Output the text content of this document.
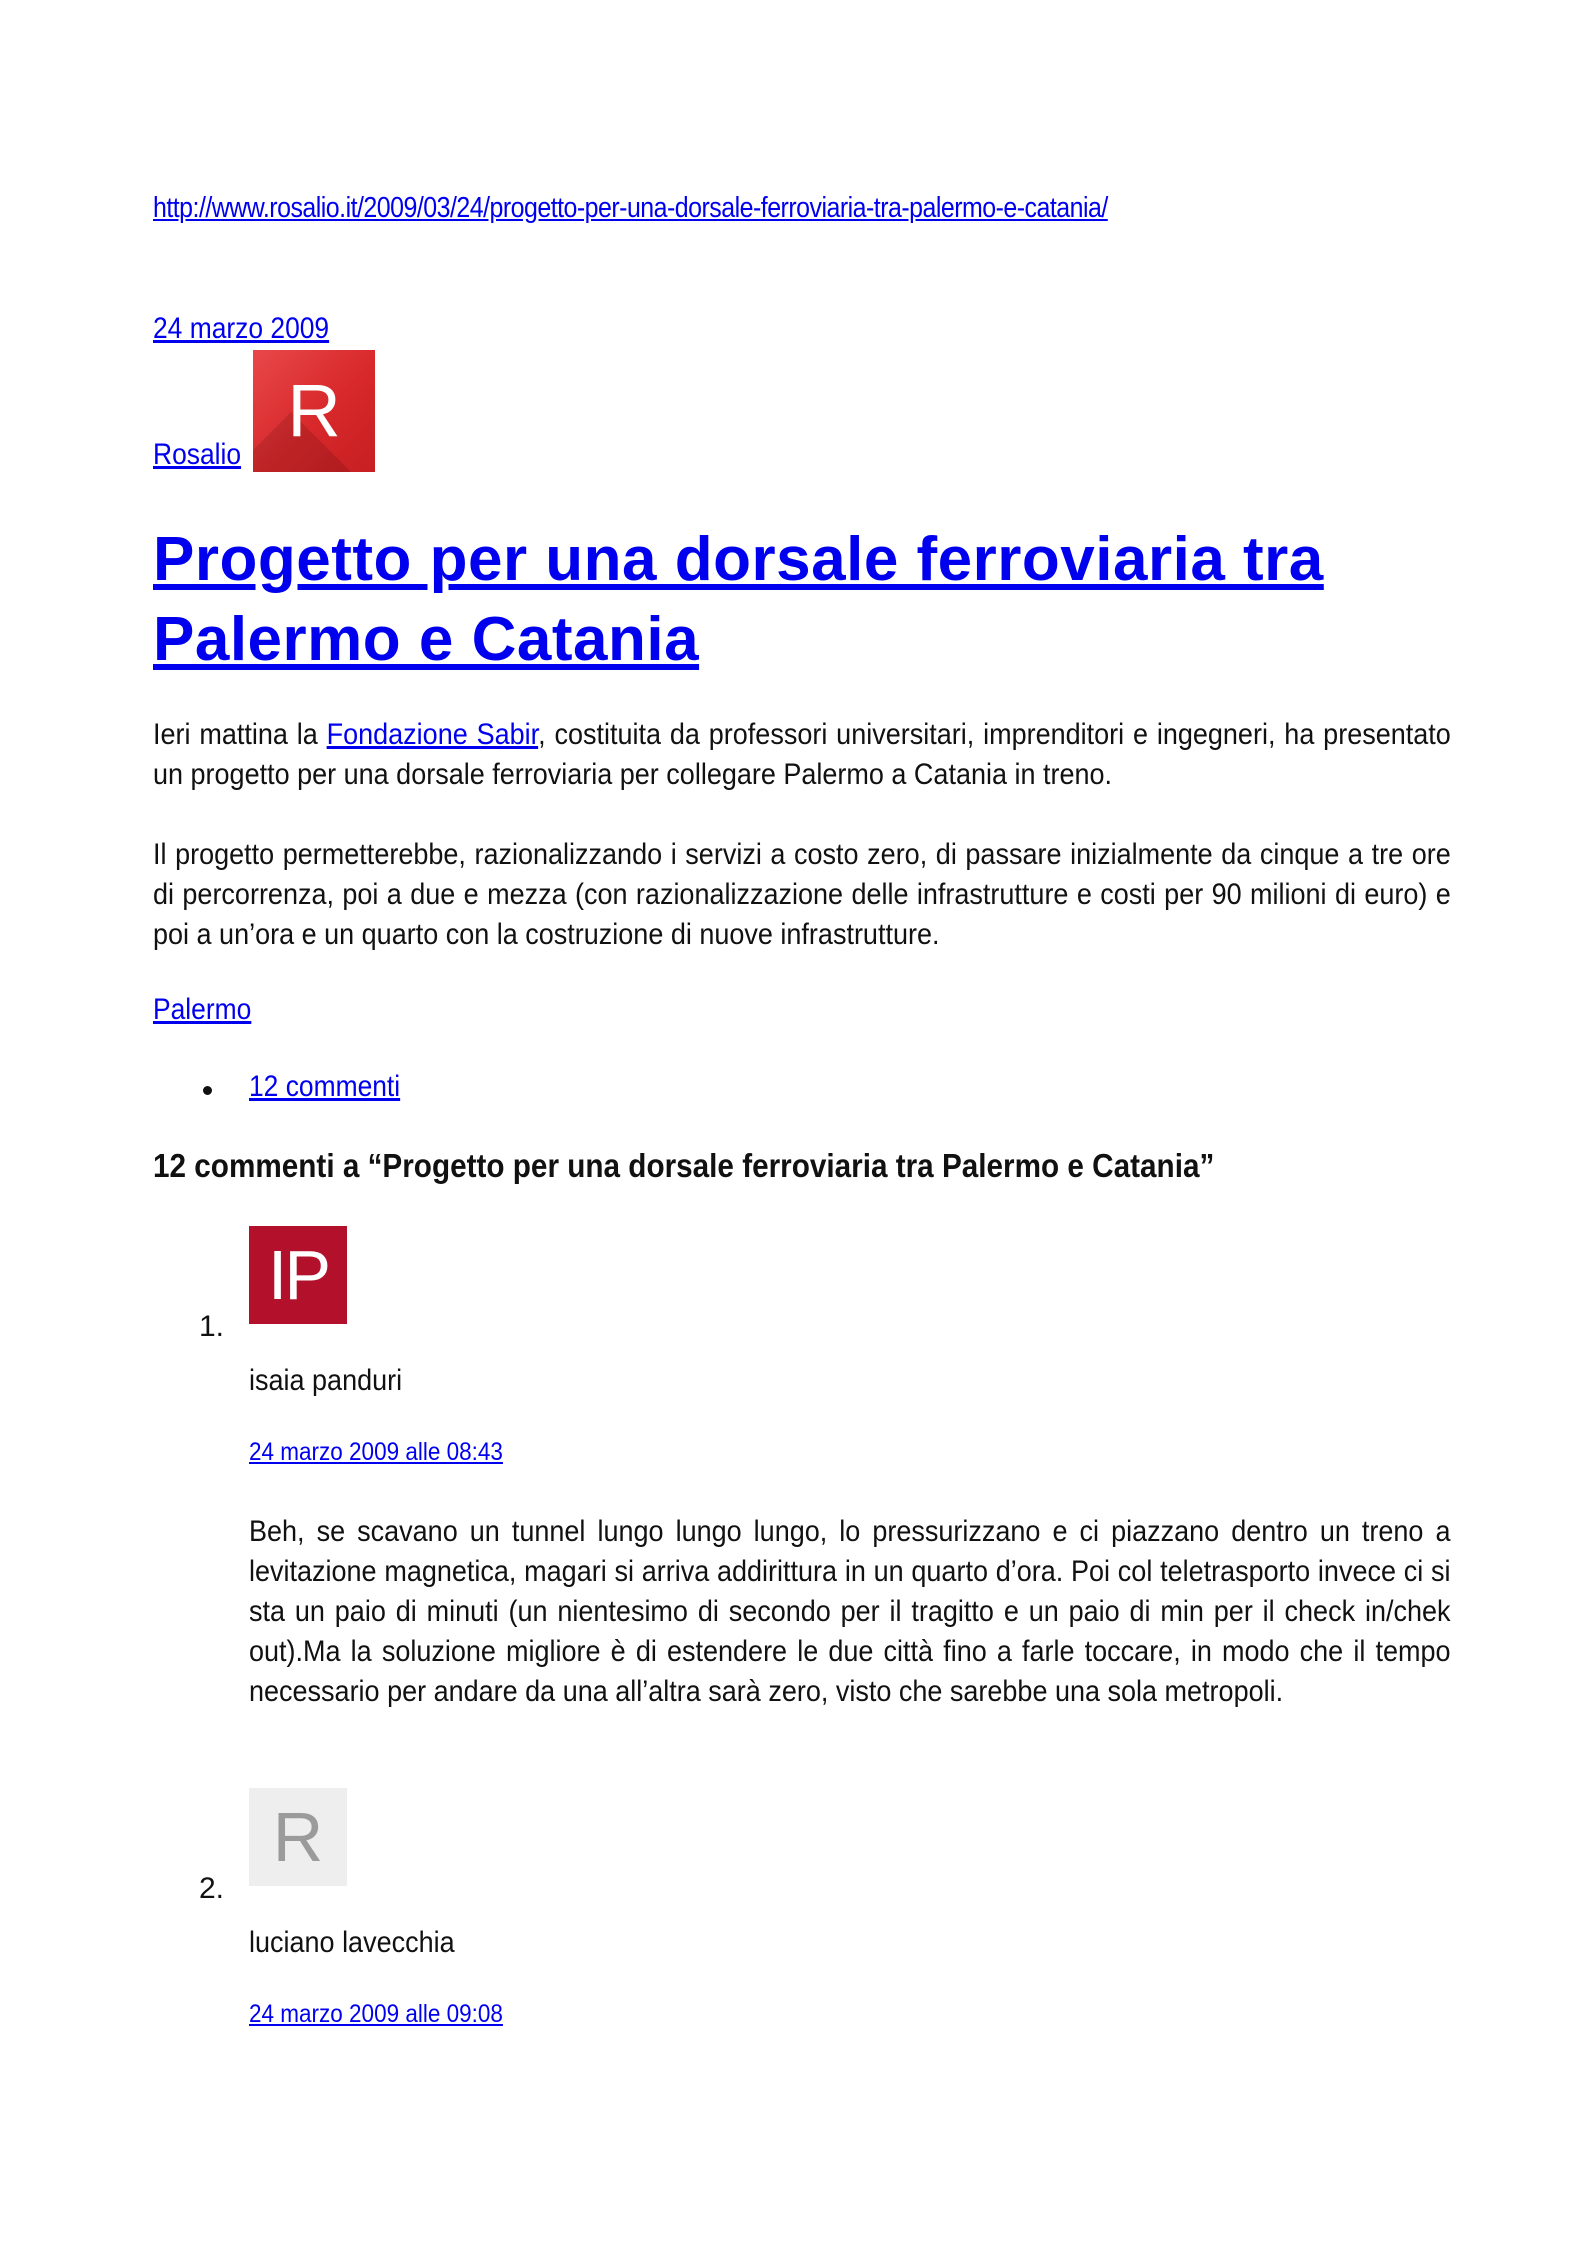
http://www.rosalio.it/2009/03/24/progetto-per-una-dorsale-ferroviaria-tra-palermo-e-catania/
24 marzo 2009
Rosalio
R
Progetto per una dorsale ferroviaria tra Palermo e Catania

Ieri mattina la Fondazione Sabir, costituita da professori universitari, imprenditori e ingegneri, ha presentato un progetto per una dorsale ferroviaria per collegare Palermo a Catania in treno.

Il progetto permetterebbe, razionalizzando i servizi a costo zero, di passare inizialmente da cinque a tre ore di percorrenza, poi a due e mezza (con razionalizzazione delle infrastrutture e costi per 90 milioni di euro) e poi a un’ora e un quarto con la costruzione di nuove infrastrutture.

Palermo
12 commenti
12 commenti a “Progetto per una dorsale ferroviaria tra Palermo e Catania”
1.
IP
isaia panduri
24 marzo 2009 alle 08:43

Beh, se scavano un tunnel lungo lungo lungo, lo pressurizzano e ci piazzano dentro un treno a levitazione magnetica, magari si arriva addirittura in un quarto d’ora. Poi col teletrasporto invece ci si sta un paio di minuti (un nientesimo di secondo per il tragitto e un paio di min per il check in/chek out).Ma la soluzione migliore è di estendere le due città fino a farle toccare, in modo che il tempo necessario per andare da una all’altra sarà zero, visto che sarebbe una sola metropoli.

2.
R
luciano lavecchia
24 marzo 2009 alle 09:08
